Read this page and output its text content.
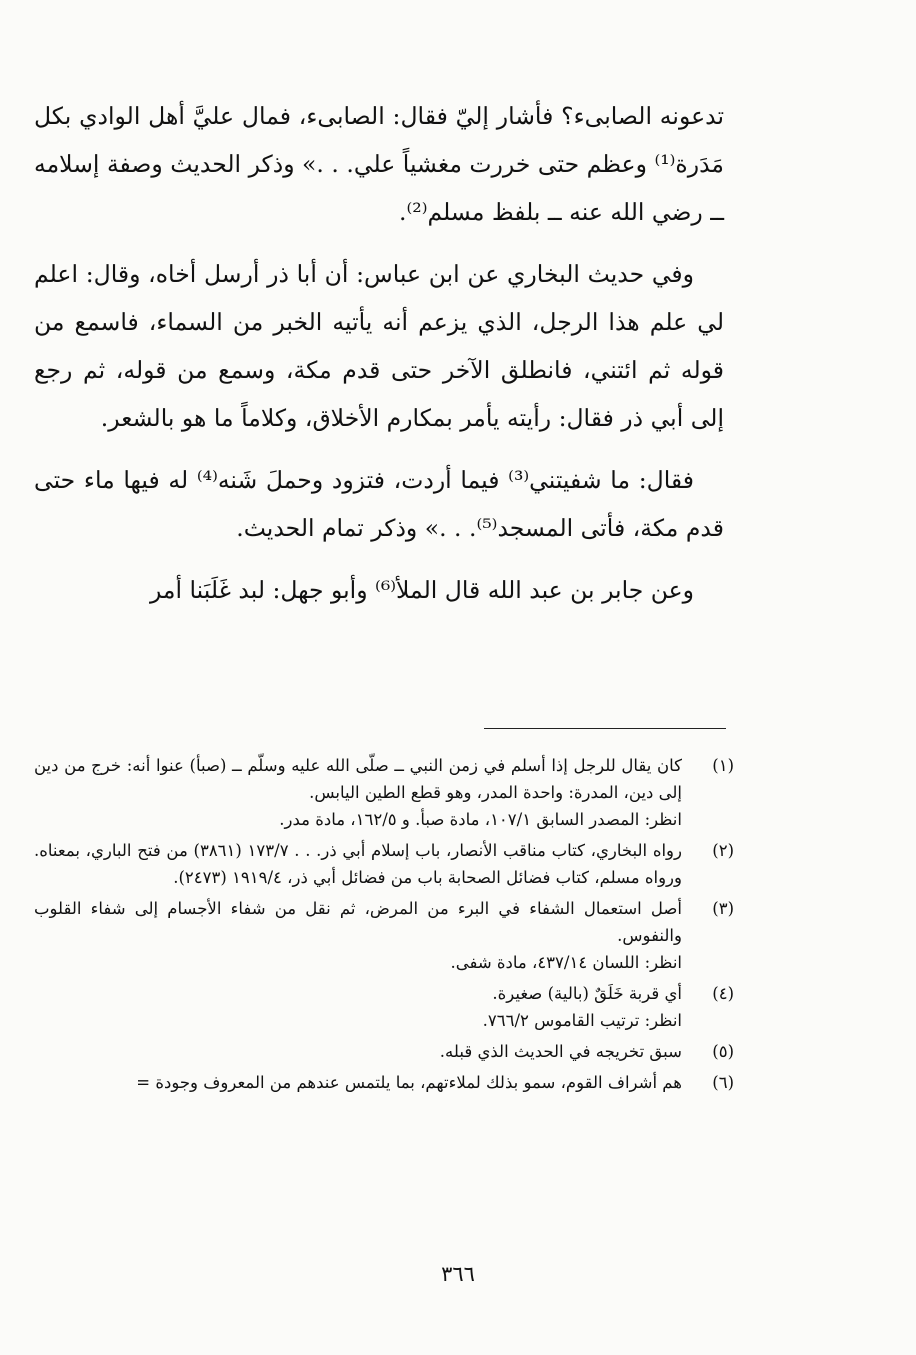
تدعونه الصابىء؟ فأشار إليّ فقال: الصابىء، فمال عليَّ أهل الوادي بكل مَدَرة⁽¹⁾ وعظم حتى خررت مغشياً علي. . .» وذكر الحديث وصفة إسلامه ــ رضي الله عنه ــ بلفظ مسلم⁽²⁾.

وفي حديث البخاري عن ابن عباس: أن أبا ذر أرسل أخاه، وقال: اعلم لي علم هذا الرجل، الذي يزعم أنه يأتيه الخبر من السماء، فاسمع من قوله ثم ائتني، فانطلق الآخر حتى قدم مكة، وسمع من قوله، ثم رجع إلى أبي ذر فقال: رأيته يأمر بمكارم الأخلاق، وكلاماً ما هو بالشعر.

فقال: ما شفيتني⁽³⁾ فيما أردت، فتزود وحملَ شَنه⁽⁴⁾ له فيها ماء حتى قدم مكة، فأتى المسجد⁽⁵⁾. . .» وذكر تمام الحديث.

وعن جابر بن عبد الله قال الملأ⁽⁶⁾ وأبو جهل: لبد غَلَبَنا أمر

(١)
كان يقال للرجل إذا أسلم في زمن النبي ــ صلّى الله عليه وسلّم ــ (صبأ) عنوا أنه: خرج من دين إلى دين، المدرة: واحدة المدر، وهو قطع الطين اليابس.
انظر: المصدر السابق ١٠٧/١، مادة صبأ. و ١٦٢/٥، مادة مدر.
(٢)
رواه البخاري، كتاب مناقب الأنصار، باب إسلام أبي ذر. . . ١٧٣/٧ (٣٨٦١) من فتح الباري، بمعناه. ورواه مسلم، كتاب فضائل الصحابة باب من فضائل أبي ذر، ١٩١٩/٤ (٢٤٧٣).
(٣)
أصل استعمال الشفاء في البرء من المرض، ثم نقل من شفاء الأجسام إلى شفاء القلوب والنفوس.
انظر: اللسان ٤٣٧/١٤، مادة شفى.
(٤)
أي قربة خَلَقٌ (بالية) صغيرة.
انظر: ترتيب القاموس ٧٦٦/٢.
(٥)
سبق تخريجه في الحديث الذي قبله.
(٦)
هم أشراف القوم، سمو بذلك لملاءتهم، بما يلتمس عندهم من المعروف وجودة =
٣٦٦
